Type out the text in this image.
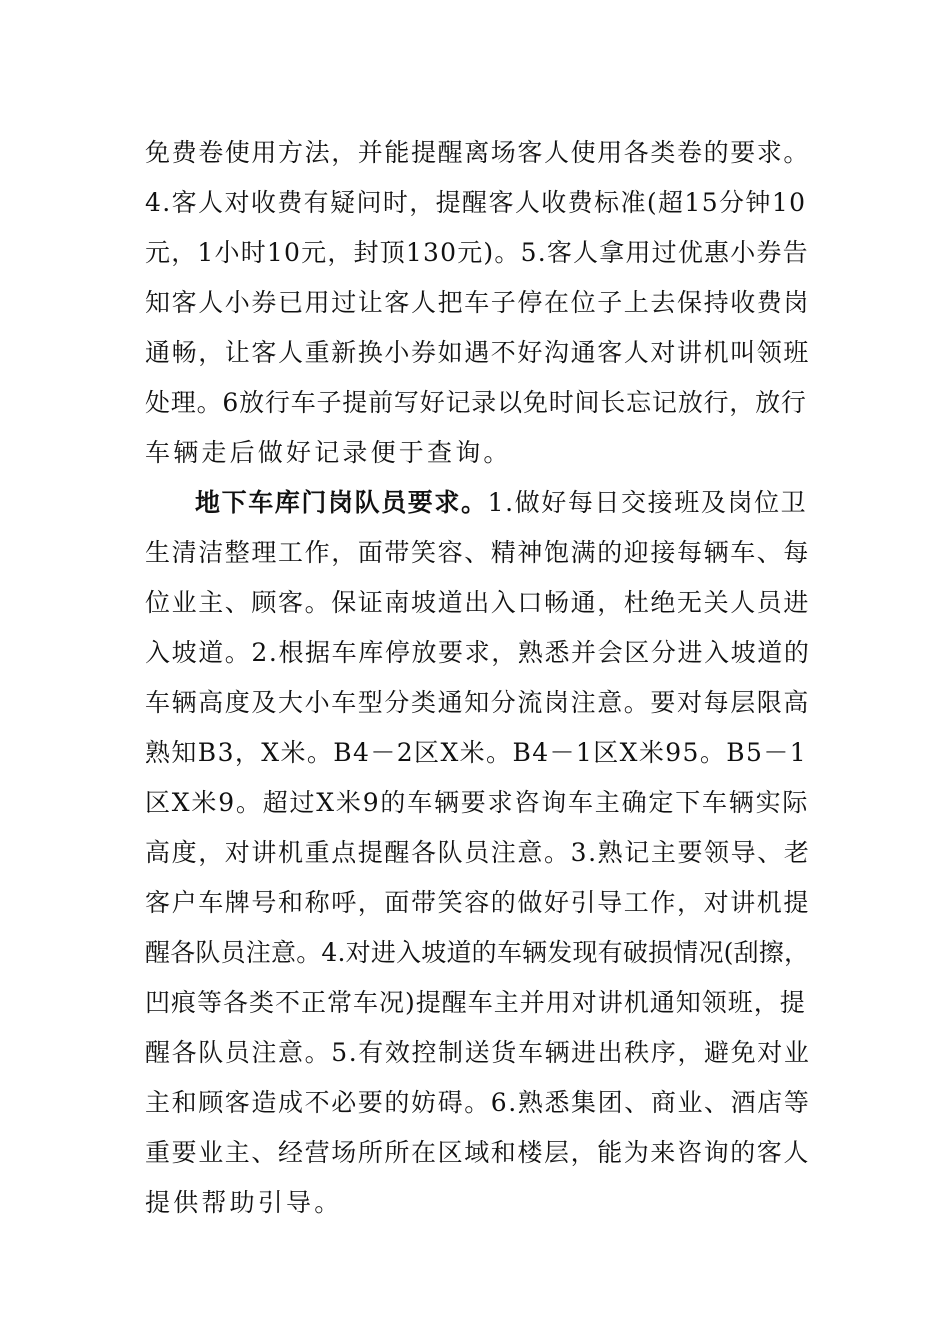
免费卷使用方法，并能提醒离场客人使用各类卷的要求。
4.客人对收费有疑问时，提醒客人收费标准(超15分钟10
元，1小时10元，封顶130元)。5.客人拿用过优惠小券告
知客人小券已用过让客人把车子停在位子上去保持收费岗
通畅，让客人重新换小券如遇不好沟通客人对讲机叫领班
处理。6放行车子提前写好记录以免时间长忘记放行，放行
车辆走后做好记录便于查询。
地下车库门岗队员要求。1.做好每日交接班及岗位卫
生清洁整理工作，面带笑容、精神饱满的迎接每辆车、每
位业主、顾客。保证南坡道出入口畅通，杜绝无关人员进
入坡道。2.根据车库停放要求，熟悉并会区分进入坡道的
车辆高度及大小车型分类通知分流岗注意。要对每层限高
熟知B3，X米。B4－2区X米。B4－1区X米95。B5－1
区X米9。超过X米9的车辆要求咨询车主确定下车辆实际
高度，对讲机重点提醒各队员注意。3.熟记主要领导、老
客户车牌号和称呼，面带笑容的做好引导工作，对讲机提
醒各队员注意。4.对进入坡道的车辆发现有破损情况(刮擦，
凹痕等各类不正常车况)提醒车主并用对讲机通知领班，提
醒各队员注意。5.有效控制送货车辆进出秩序，避免对业
主和顾客造成不必要的妨碍。6.熟悉集团、商业、酒店等
重要业主、经营场所所在区域和楼层，能为来咨询的客人
提供帮助引导。
